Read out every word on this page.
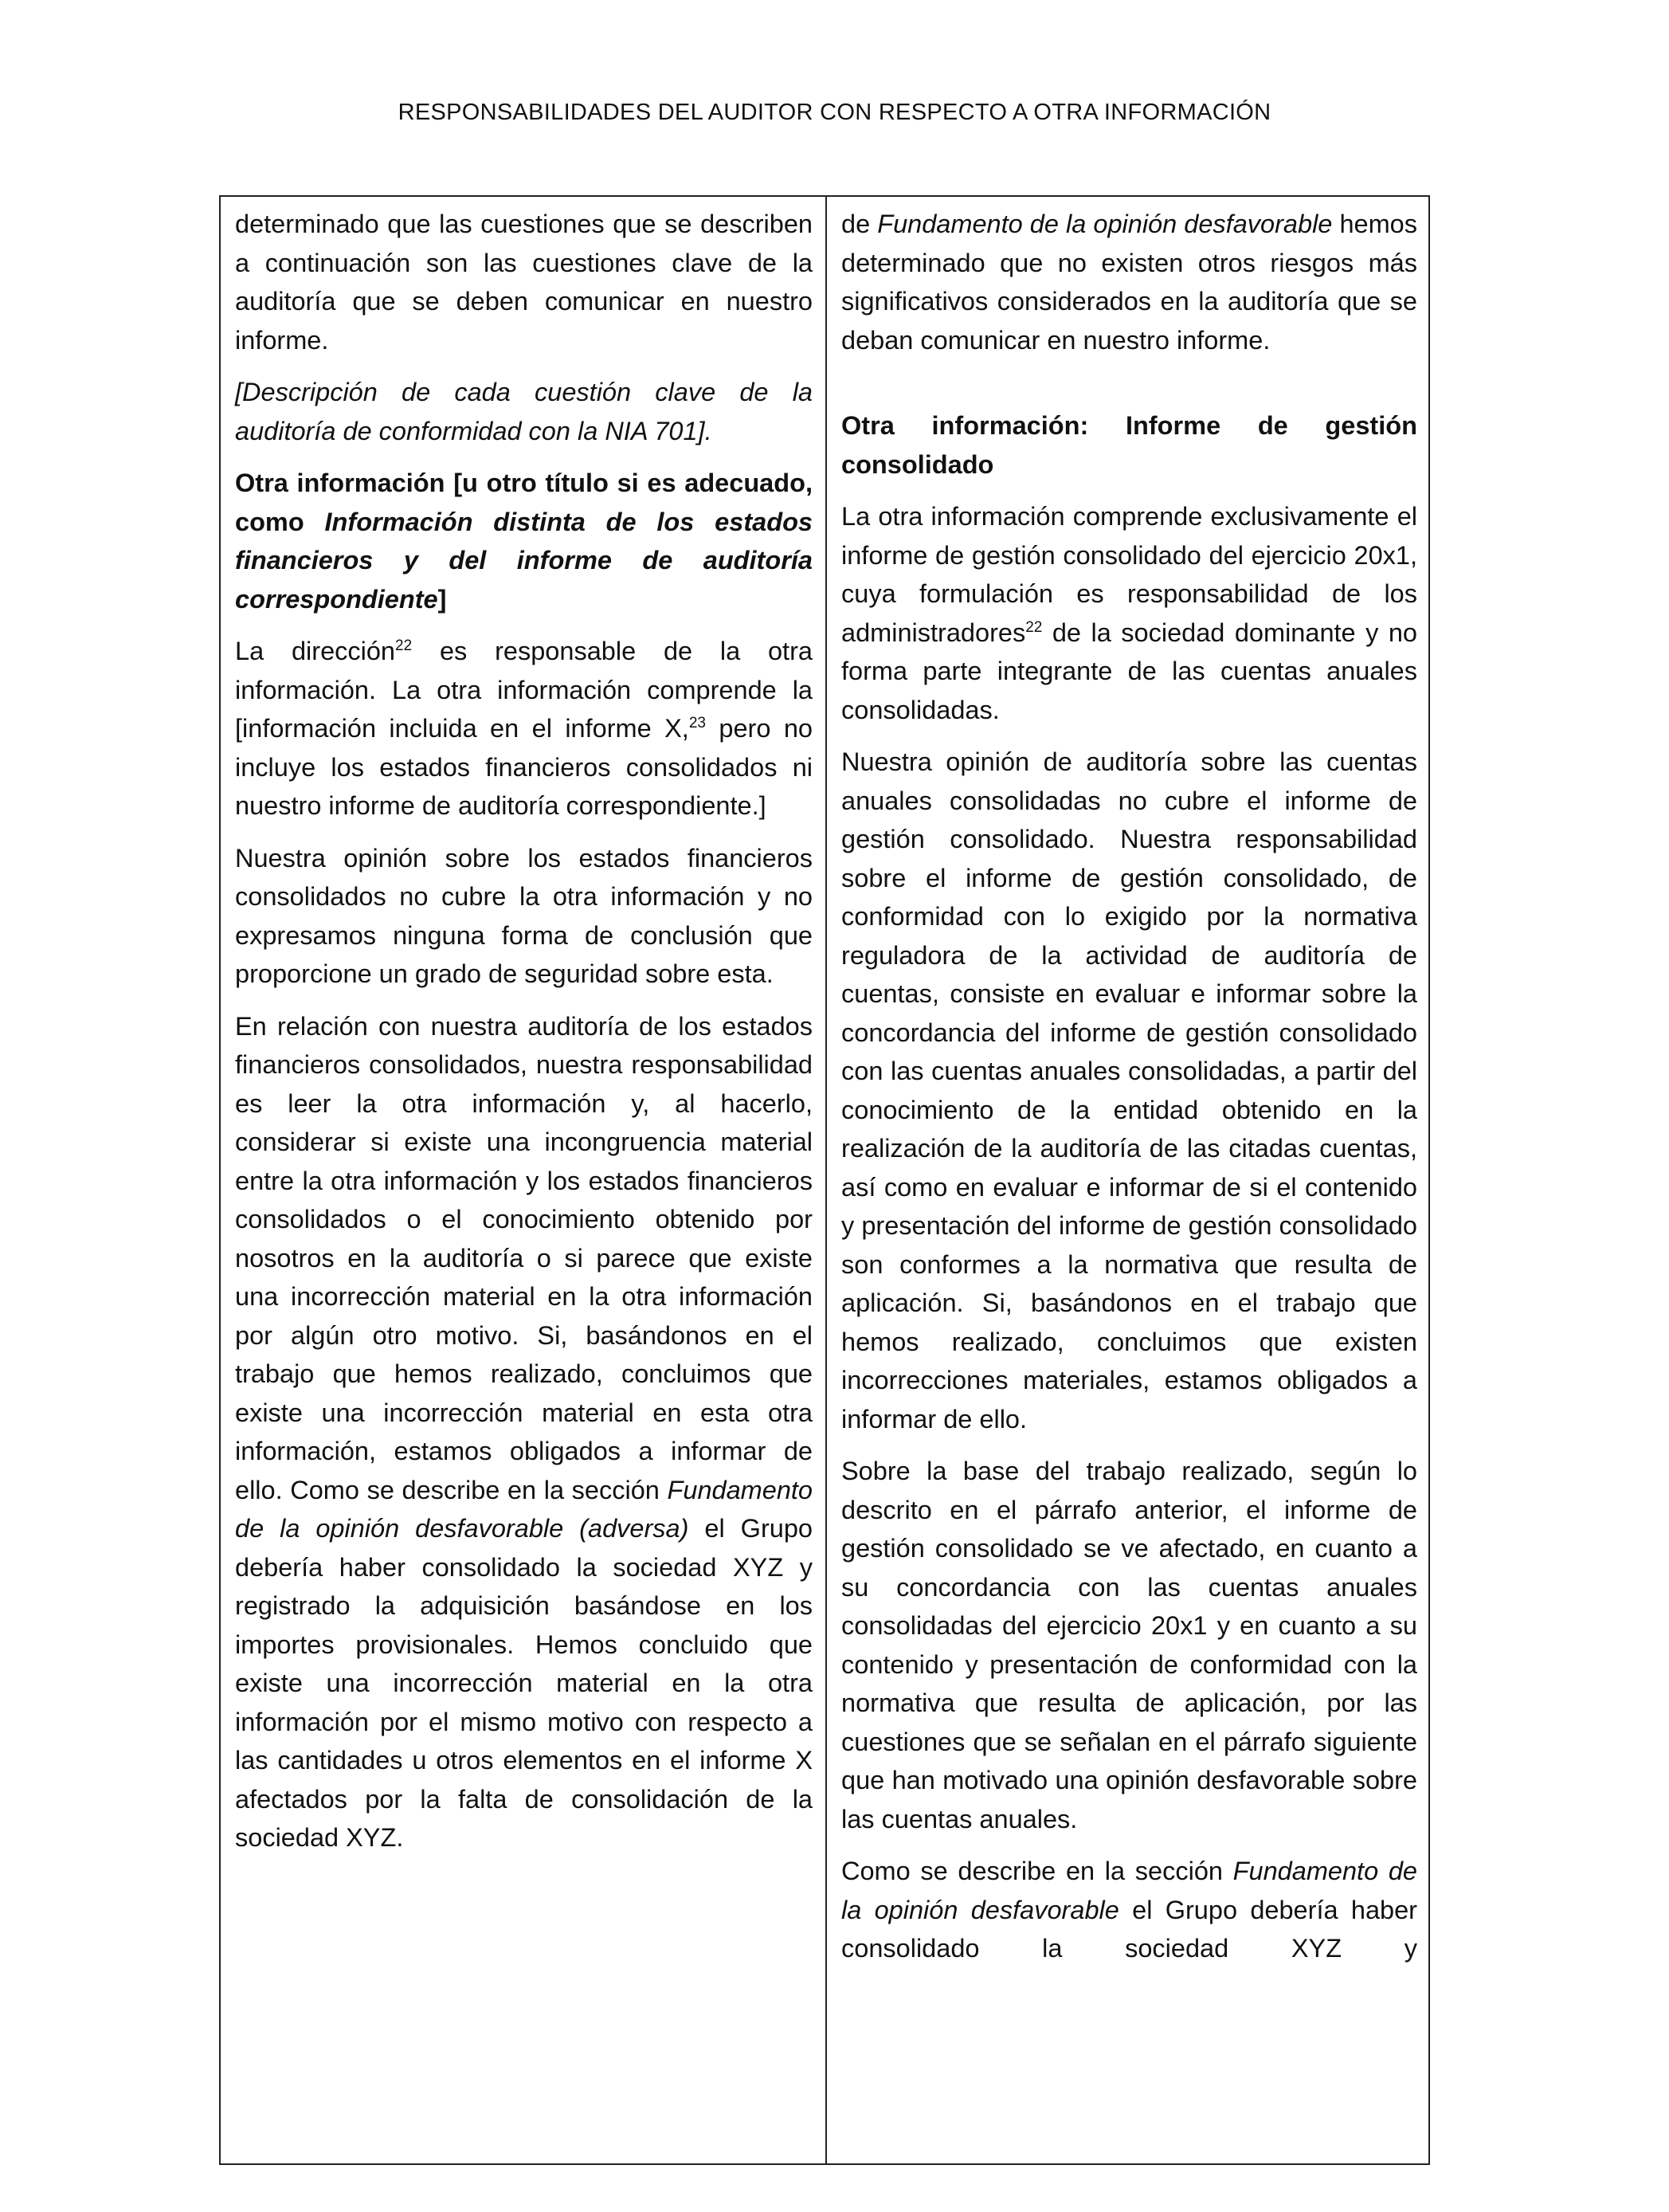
RESPONSABILIDADES DEL AUDITOR CON RESPECTO A OTRA INFORMACIÓN

determinado que las cuestiones que se describen a continuación son las cuestiones clave de la auditoría que se deben comunicar en nuestro informe.

[Descripción de cada cuestión clave de la auditoría de conformidad con la NIA 701].

Otra información [u otro título si es adecuado, como Información distinta de los estados financieros y del informe de auditoría correspondiente]

La dirección$^{22}$ es responsable de la otra información. La otra información comprende la [información incluida en el informe X,$^{23}$ pero no incluye los estados financieros consolidados ni nuestro informe de auditoría correspondiente.]

Nuestra opinión sobre los estados financieros consolidados no cubre la otra información y no expresamos ninguna forma de conclusión que proporcione un grado de seguridad sobre esta.

En relación con nuestra auditoría de los estados financieros consolidados, nuestra responsabilidad es leer la otra información y, al hacerlo, considerar si existe una incongruencia material entre la otra información y los estados financieros consolidados o el conocimiento obtenido por nosotros en la auditoría o si parece que existe una incorrección material en la otra información por algún otro motivo. Si, basándonos en el trabajo que hemos realizado, concluimos que existe una incorrección material en esta otra información, estamos obligados a informar de ello. Como se describe en la sección Fundamento de la opinión desfavorable (adversa) el Grupo debería haber consolidado la sociedad XYZ y registrado la adquisición basándose en los importes provisionales. Hemos concluido que existe una incorrección material en la otra información por el mismo motivo con respecto a las cantidades u otros elementos en el informe X afectados por la falta de consolidación de la sociedad XYZ.

de Fundamento de la opinión desfavorable hemos determinado que no existen otros riesgos más significativos considerados en la auditoría que se deban comunicar en nuestro informe.

Otra información: Informe de gestión consolidado

La otra información comprende exclusivamente el informe de gestión consolidado del ejercicio 20x1, cuya formulación es responsabilidad de los administradores$^{22}$ de la sociedad dominante y no forma parte integrante de las cuentas anuales consolidadas.

Nuestra opinión de auditoría sobre las cuentas anuales consolidadas no cubre el informe de gestión consolidado. Nuestra responsabilidad sobre el informe de gestión consolidado, de conformidad con lo exigido por la normativa reguladora de la actividad de auditoría de cuentas, consiste en evaluar e informar sobre la concordancia del informe de gestión consolidado con las cuentas anuales consolidadas, a partir del conocimiento de la entidad obtenido en la realización de la auditoría de las citadas cuentas, así como en evaluar e informar de si el contenido y presentación del informe de gestión consolidado son conformes a la normativa que resulta de aplicación. Si, basándonos en el trabajo que hemos realizado, concluimos que existen incorrecciones materiales, estamos obligados a informar de ello.

Sobre la base del trabajo realizado, según lo descrito en el párrafo anterior, el informe de gestión consolidado se ve afectado, en cuanto a su concordancia con las cuentas anuales consolidadas del ejercicio 20x1 y en cuanto a su contenido y presentación de conformidad con la normativa que resulta de aplicación, por las cuestiones que se señalan en el párrafo siguiente que han motivado una opinión desfavorable sobre las cuentas anuales.

Como se describe en la sección Fundamento de la opinión desfavorable el Grupo debería haber consolidado la sociedad XYZ y
